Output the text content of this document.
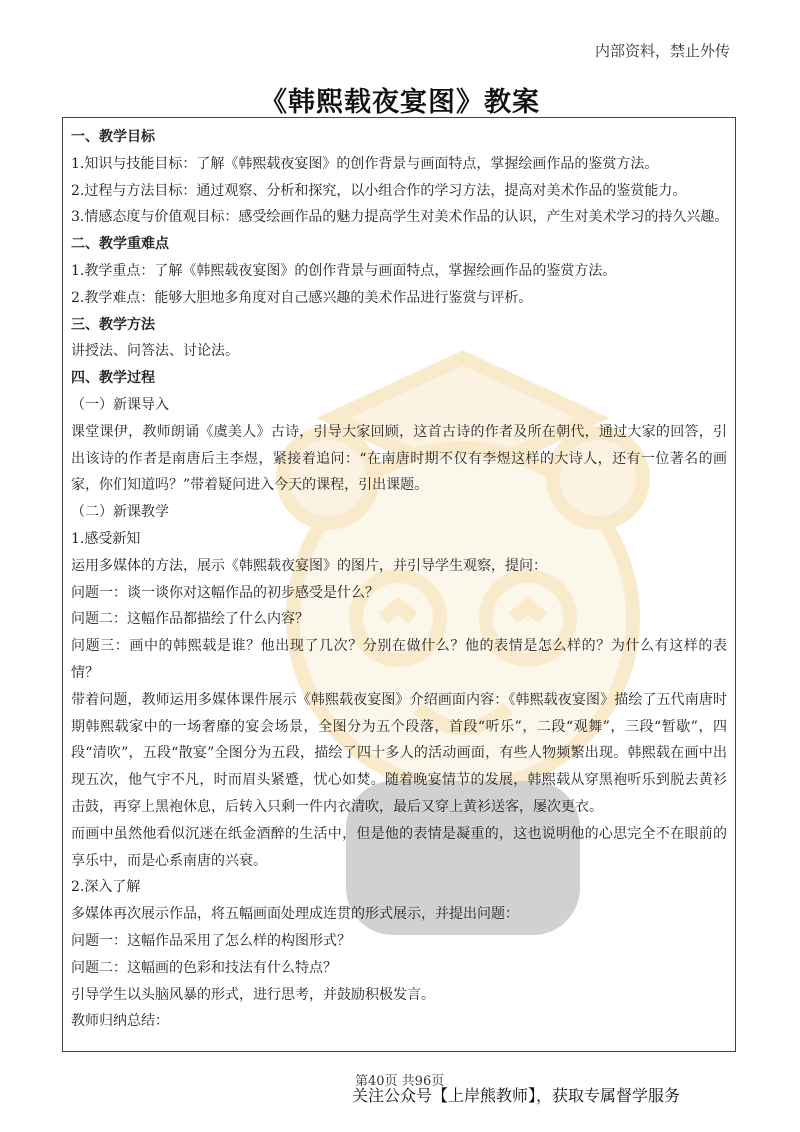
内部资料，禁止外传
《韩熙载夜宴图》教案
一、教学目标
1.知识与技能目标：了解《韩熙载夜宴图》的创作背景与画面特点，掌握绘画作品的鉴赏方法。
2.过程与方法目标：通过观察、分析和探究，以小组合作的学习方法，提高对美术作品的鉴赏能力。
3.情感态度与价值观目标：感受绘画作品的魅力提高学生对美术作品的认识，产生对美术学习的持久兴趣。
二、教学重难点
1.教学重点：了解《韩熙载夜宴图》的创作背景与画面特点，掌握绘画作品的鉴赏方法。
2.教学难点：能够大胆地多角度对自己感兴趣的美术作品进行鉴赏与评析。
三、教学方法
讲授法、问答法、讨论法。
四、教学过程
（一）新课导入
课堂课伊，教师朗诵《虞美人》古诗，引导大家回顾，这首古诗的作者及所在朝代，通过大家的回答，引出该诗的作者是南唐后主李煜，紧接着追问：“在南唐时期不仅有李煜这样的大诗人，还有一位著名的画家，你们知道吗？”带着疑问进入今天的课程，引出课题。
（二）新课教学
1.感受新知
运用多媒体的方法，展示《韩熙载夜宴图》的图片，并引导学生观察，提问：
问题一：谈一谈你对这幅作品的初步感受是什么？
问题二：这幅作品都描绘了什么内容？
问题三：画中的韩熙载是谁？他出现了几次？分别在做什么？他的表情是怎么样的？为什么有这样的表情？
带着问题，教师运用多媒体课件展示《韩熙载夜宴图》介绍画面内容：《韩熙载夜宴图》描绘了五代南唐时期韩熙载家中的一场奢靡的宴会场景，全图分为五个段落，首段“听乐”，二段“观舞”，三段“暂歇”，四段“清吹”，五段“散宴”全图分为五段，描绘了四十多人的活动画面，有些人物频繁出现。韩熙载在画中出现五次，他气宇不凡，时而眉头紧蹙，忧心如焚。随着晚宴情节的发展，韩熙载从穿黑袍听乐到脱去黄衫击鼓，再穿上黑袍休息，后转入只剩一件内衣清吹，最后又穿上黄衫送客，屡次更衣。
而画中虽然他看似沉迷在纸金酒醉的生活中，但是他的表情是凝重的，这也说明他的心思完全不在眼前的享乐中，而是心系南唐的兴衰。
2.深入了解
多媒体再次展示作品，将五幅画面处理成连贯的形式展示，并提出问题：
问题一：这幅作品采用了怎么样的构图形式？
问题二：这幅画的色彩和技法有什么特点？
引导学生以头脑风暴的形式，进行思考，并鼓励积极发言。
教师归纳总结：
第40页 共96页
关注公众号【上岸熊教师】，获取专属督学服务
